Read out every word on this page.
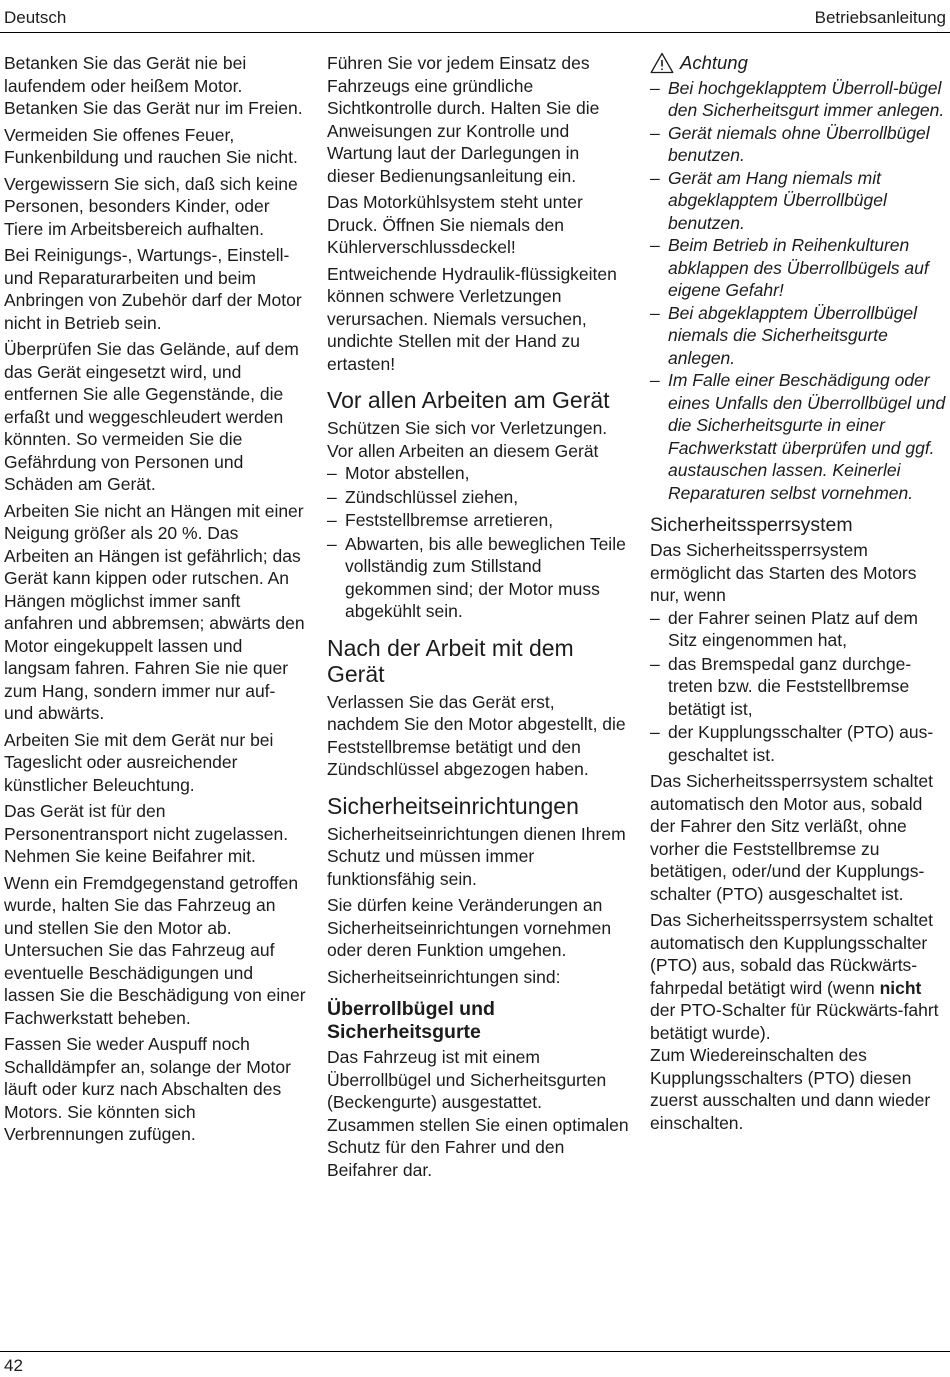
Deutsch	Betriebsanleitung

Betanken Sie das Gerät nie bei laufendem oder heißem Motor. Betanken Sie das Gerät nur im Freien.

Vermeiden Sie offenes Feuer, Funkenbildung und rauchen Sie nicht.

Vergewissern Sie sich, daß sich keine Personen, besonders Kinder, oder Tiere im Arbeitsbereich aufhalten.

Bei Reinigungs-, Wartungs-, Einstell- und Reparaturarbeiten und beim Anbringen von Zubehör darf der Motor nicht in Betrieb sein.

Überprüfen Sie das Gelände, auf dem das Gerät eingesetzt wird, und entfernen Sie alle Gegenstände, die erfaßt und weggeschleudert werden könnten. So vermeiden Sie die Gefährdung von Personen und Schäden am Gerät.

Arbeiten Sie nicht an Hängen mit einer Neigung größer als 20 %. Das Arbeiten an Hängen ist gefährlich; das Gerät kann kippen oder rutschen. An Hängen möglichst immer sanft anfahren und abbremsen; abwärts den Motor eingekuppelt lassen und langsam fahren. Fahren Sie nie quer zum Hang, sondern immer nur auf- und abwärts.

Arbeiten Sie mit dem Gerät nur bei Tageslicht oder ausreichender künstlicher Beleuchtung.

Das Gerät ist für den Personentransport nicht zugelassen. Nehmen Sie keine Beifahrer mit.

Wenn ein Fremdgegenstand getroffen wurde, halten Sie das Fahrzeug an und stellen Sie den Motor ab. Untersuchen Sie das Fahrzeug auf eventuelle Beschädigungen und lassen Sie die Beschädigung von einer Fachwerkstatt beheben.

Fassen Sie weder Auspuff noch Schalldämpfer an, solange der Motor läuft oder kurz nach Abschalten des Motors. Sie könnten sich Verbrennungen zufügen.

Führen Sie vor jedem Einsatz des Fahrzeugs eine gründliche Sichtkontrolle durch. Halten Sie die Anweisungen zur Kontrolle und Wartung laut der Darlegungen in dieser Bedienungsanleitung ein.

Das Motorkühlsystem steht unter Druck. Öffnen Sie niemals den Kühlerverschlussdeckel!

Entweichende Hydraulik-flüssigkeiten können schwere Verletzungen verursachen. Niemals versuchen, undichte Stellen mit der Hand zu ertasten!

Vor allen Arbeiten am Gerät

Schützen Sie sich vor Verletzungen.

Vor allen Arbeiten an diesem Gerät

– Motor abstellen,
– Zündschlüssel ziehen,
– Feststellbremse arretieren,
– Abwarten, bis alle beweglichen Teile vollständig zum Stillstand gekommen sind; der Motor muss abgekühlt sein.
Nach der Arbeit mit dem Gerät

Verlassen Sie das Gerät erst, nachdem Sie den Motor abgestellt, die Feststellbremse betätigt und den Zündschlüssel abgezogen haben.

Sicherheitseinrichtungen

Sicherheitseinrichtungen dienen Ihrem Schutz und müssen immer funktionsfähig sein.

Sie dürfen keine Veränderungen an Sicherheitseinrichtungen vornehmen oder deren Funktion umgehen.

Sicherheitseinrichtungen sind:

Überrollbügel und Sicherheitsgurte

Das Fahrzeug ist mit einem Überrollbügel und Sicherheitsgurten (Beckengurte) ausgestattet. Zusammen stellen Sie einen optimalen Schutz für den Fahrer und den Beifahrer dar.

Achtung
– Bei hochgeklapptem Überroll-bügel den Sicherheitsgurt immer anlegen.
– Gerät niemals ohne Überrollbügel benutzen.
– Gerät am Hang niemals mit abgeklapptem Überrollbügel benutzen.
– Beim Betrieb in Reihenkulturen abklappen des Überrollbügels auf eigene Gefahr!
– Bei abgeklapptem Überrollbügel niemals die Sicherheitsgurte anlegen.
– Im Falle einer Beschädigung oder eines Unfalls den Überrollbügel und die Sicherheitsgurte in einer Fachwerkstatt überprüfen und ggf. austauschen lassen. Keinerlei Reparaturen selbst vornehmen.
Sicherheitssperrsystem

Das Sicherheitssperrsystem ermöglicht das Starten des Motors nur, wenn

– der Fahrer seinen Platz auf dem Sitz eingenommen hat,
– das Bremspedal ganz durchge-treten bzw. die Feststellbremse betätigt ist,
– der Kupplungsschalter (PTO) aus-geschaltet ist.

Das Sicherheitssperrsystem schaltet automatisch den Motor aus, sobald der Fahrer den Sitz verläßt, ohne vorher die Feststellbremse zu betätigen, oder/und der Kupplungs-schalter (PTO) ausgeschaltet ist.

Das Sicherheitssperrsystem schaltet automatisch den Kupplungsschalter (PTO) aus, sobald das Rückwärts-fahrpedal betätigt wird (wenn nicht der PTO-Schalter für Rückwärts-fahrt betätigt wurde).

Zum Wiedereinschalten des Kupplungsschalters (PTO) diesen zuerst ausschalten und dann wieder einschalten.

42
